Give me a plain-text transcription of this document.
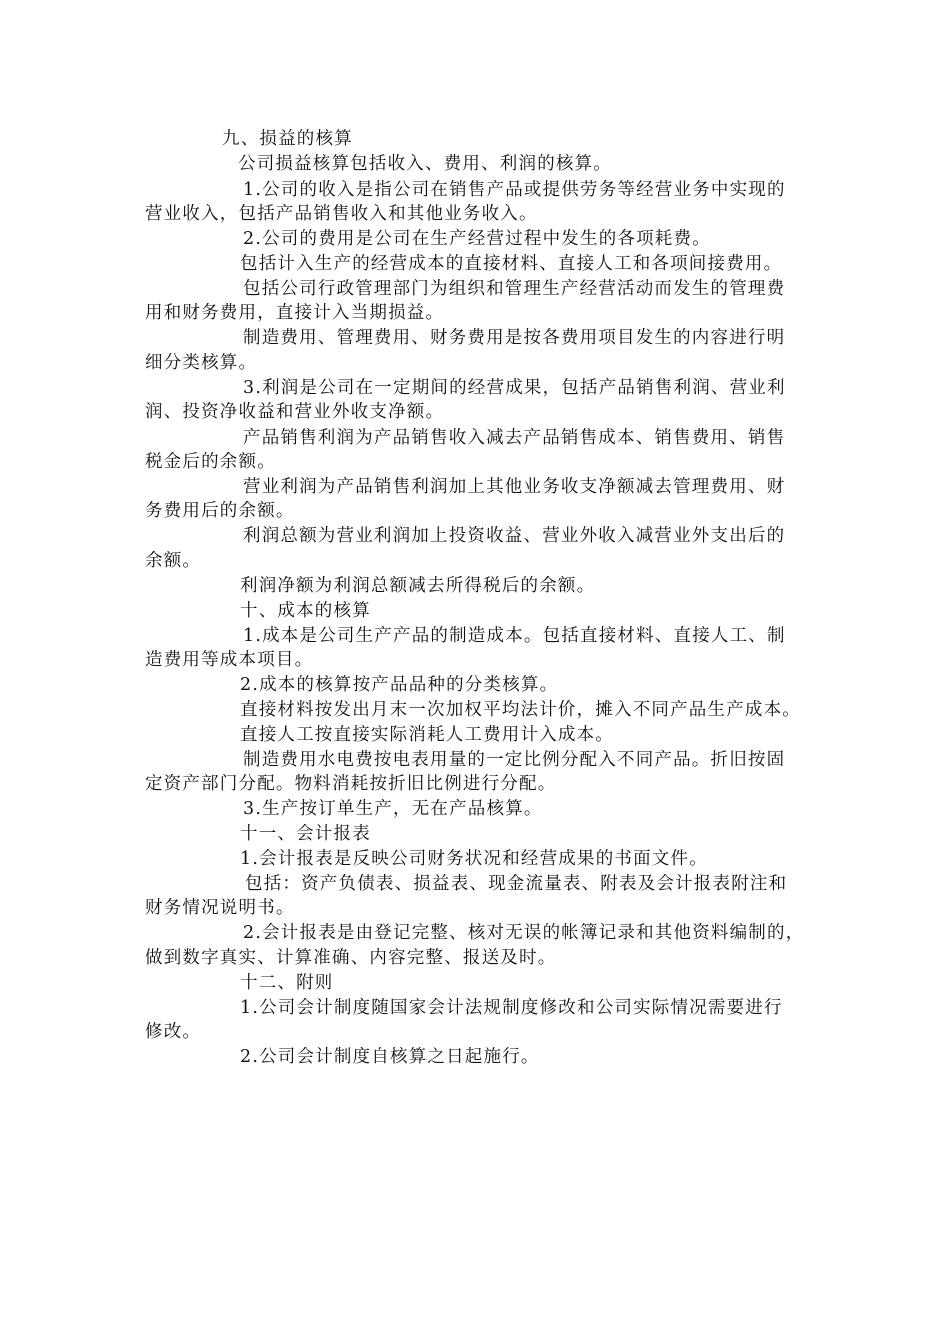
九、损益的核算
公司损益核算包括收入、费用、利润的核算。
1.公司的收入是指公司在销售产品或提供劳务等经营业务中实现的
营业收入，包括产品销售收入和其他业务收入。
2.公司的费用是公司在生产经营过程中发生的各项耗费。
包括计入生产的经营成本的直接材料、直接人工和各项间接费用。
包括公司行政管理部门为组织和管理生产经营活动而发生的管理费
用和财务费用，直接计入当期损益。
制造费用、管理费用、财务费用是按各费用项目发生的内容进行明
细分类核算。
3.利润是公司在一定期间的经营成果，包括产品销售利润、营业利
润、投资净收益和营业外收支净额。
产品销售利润为产品销售收入减去产品销售成本、销售费用、销售
税金后的余额。
营业利润为产品销售利润加上其他业务收支净额减去管理费用、财
务费用后的余额。
利润总额为营业利润加上投资收益、营业外收入减营业外支出后的
余额。
利润净额为利润总额减去所得税后的余额。
十、成本的核算
1.成本是公司生产产品的制造成本。包括直接材料、直接人工、制
造费用等成本项目。
2.成本的核算按产品品种的分类核算。
直接材料按发出月末一次加权平均法计价，摊入不同产品生产成本。
直接人工按直接实际消耗人工费用计入成本。
制造费用水电费按电表用量的一定比例分配入不同产品。折旧按固
定资产部门分配。物料消耗按折旧比例进行分配。
3.生产按订单生产，无在产品核算。
十一、会计报表
1.会计报表是反映公司财务状况和经营成果的书面文件。
包括：资产负债表、损益表、现金流量表、附表及会计报表附注和
财务情况说明书。
2.会计报表是由登记完整、核对无误的帐簿记录和其他资料编制的，
做到数字真实、计算准确、内容完整、报送及时。
十二、附则
1.公司会计制度随国家会计法规制度修改和公司实际情况需要进行
修改。
2.公司会计制度自核算之日起施行。
